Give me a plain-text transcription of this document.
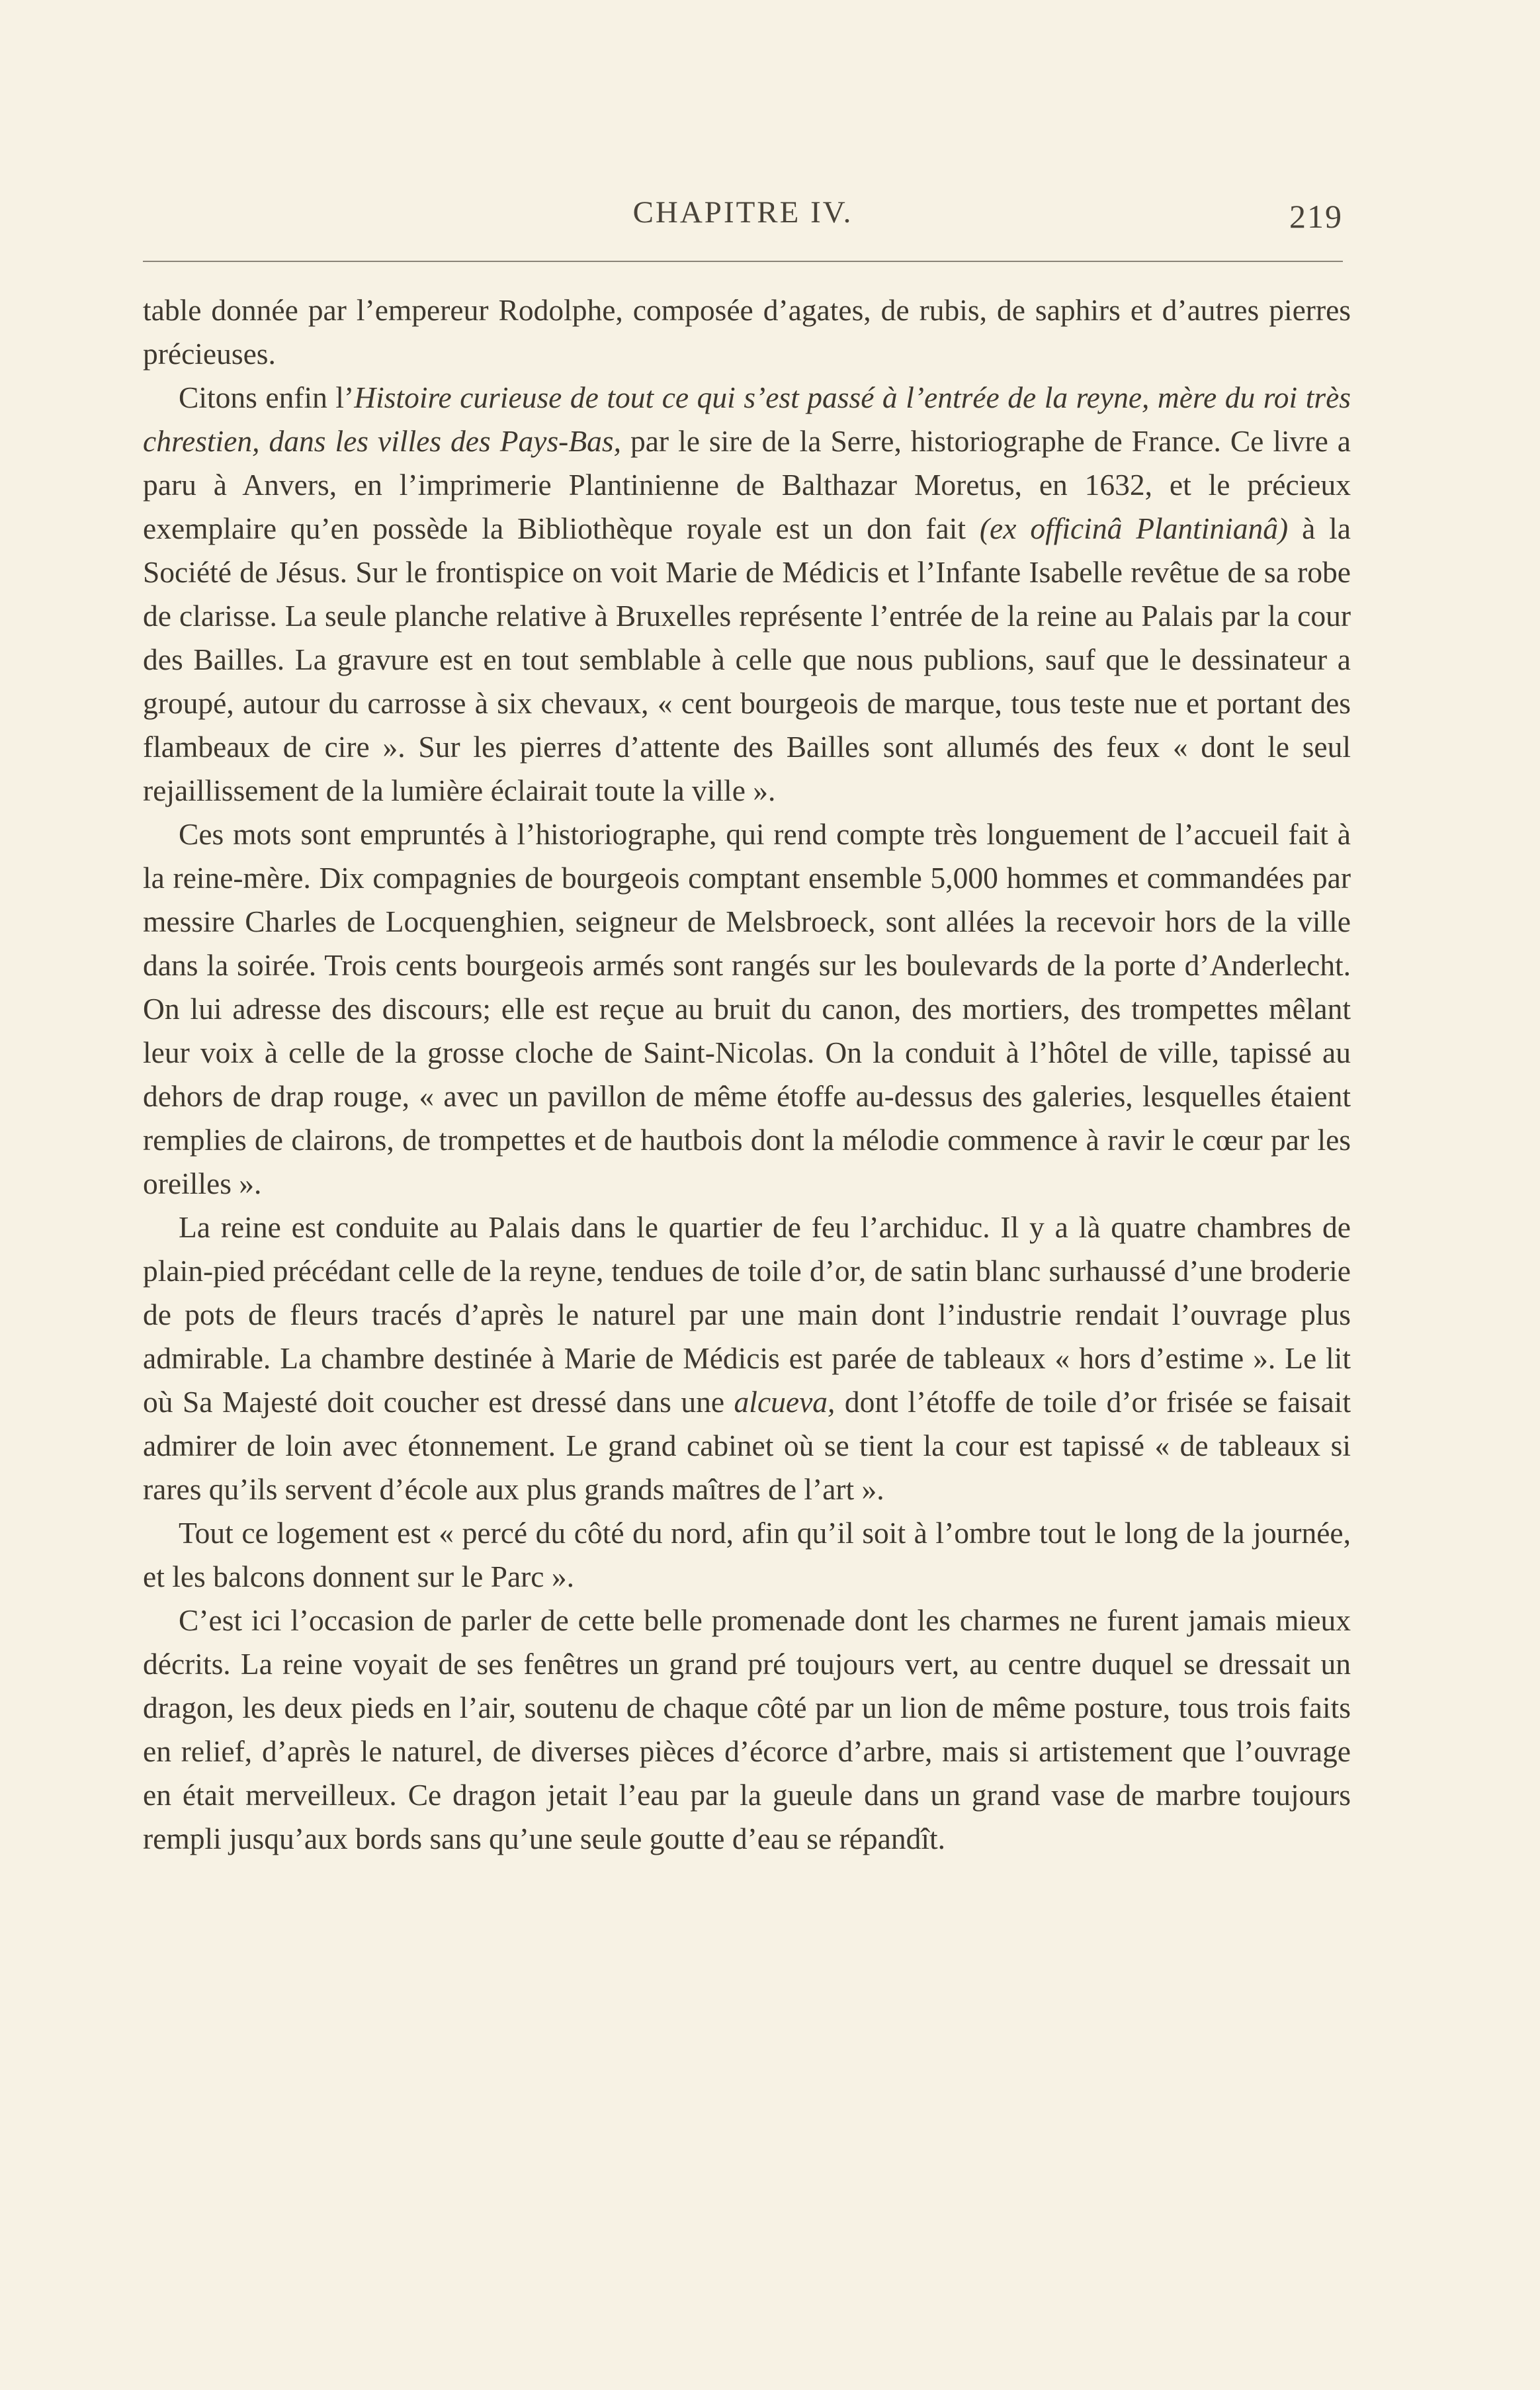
CHAPITRE IV.	219

table donnée par l’empereur Rodolphe, composée d’agates, de rubis, de saphirs et d’autres pierres précieuses.

Citons enfin l’Histoire curieuse de tout ce qui s’est passé à l’entrée de la reyne, mère du roi très chrestien, dans les villes des Pays-Bas, par le sire de la Serre, historiographe de France. Ce livre a paru à Anvers, en l’imprimerie Plantinienne de Balthazar Moretus, en 1632, et le précieux exemplaire qu’en possède la Bibliothèque royale est un don fait (ex officinâ Plantinianâ) à la Société de Jésus. Sur le frontispice on voit Marie de Médicis et l’Infante Isabelle revêtue de sa robe de clarisse. La seule planche relative à Bruxelles représente l’entrée de la reine au Palais par la cour des Bailles. La gravure est en tout semblable à celle que nous publions, sauf que le dessinateur a groupé, autour du carrosse à six chevaux, « cent bourgeois de marque, tous teste nue et portant des flambeaux de cire ». Sur les pierres d’attente des Bailles sont allumés des feux « dont le seul rejaillissement de la lumière éclairait toute la ville ».

Ces mots sont empruntés à l’historiographe, qui rend compte très longuement de l’accueil fait à la reine-mère. Dix compagnies de bourgeois comptant ensemble 5,000 hommes et commandées par messire Charles de Locquenghien, seigneur de Melsbroeck, sont allées la recevoir hors de la ville dans la soirée. Trois cents bourgeois armés sont rangés sur les boulevards de la porte d’Anderlecht. On lui adresse des discours; elle est reçue au bruit du canon, des mortiers, des trompettes mêlant leur voix à celle de la grosse cloche de Saint-Nicolas. On la conduit à l’hôtel de ville, tapissé au dehors de drap rouge, « avec un pavillon de même étoffe au-dessus des galeries, lesquelles étaient remplies de clairons, de trompettes et de hautbois dont la mélodie commence à ravir le cœur par les oreilles ».

La reine est conduite au Palais dans le quartier de feu l’archiduc. Il y a là quatre chambres de plain-pied précédant celle de la reyne, tendues de toile d’or, de satin blanc surhaussé d’une broderie de pots de fleurs tracés d’après le naturel par une main dont l’industrie rendait l’ouvrage plus admirable. La chambre destinée à Marie de Médicis est parée de tableaux « hors d’estime ». Le lit où Sa Majesté doit coucher est dressé dans une alcueva, dont l’étoffe de toile d’or frisée se faisait admirer de loin avec étonnement. Le grand cabinet où se tient la cour est tapissé « de tableaux si rares qu’ils servent d’école aux plus grands maîtres de l’art ».

Tout ce logement est « percé du côté du nord, afin qu’il soit à l’ombre tout le long de la journée, et les balcons donnent sur le Parc ».

C’est ici l’occasion de parler de cette belle promenade dont les charmes ne furent jamais mieux décrits. La reine voyait de ses fenêtres un grand pré toujours vert, au centre duquel se dressait un dragon, les deux pieds en l’air, soutenu de chaque côté par un lion de même posture, tous trois faits en relief, d’après le naturel, de diverses pièces d’écorce d’arbre, mais si artistement que l’ouvrage en était merveilleux. Ce dragon jetait l’eau par la gueule dans un grand vase de marbre toujours rempli jusqu’aux bords sans qu’une seule goutte d’eau se répandît.
